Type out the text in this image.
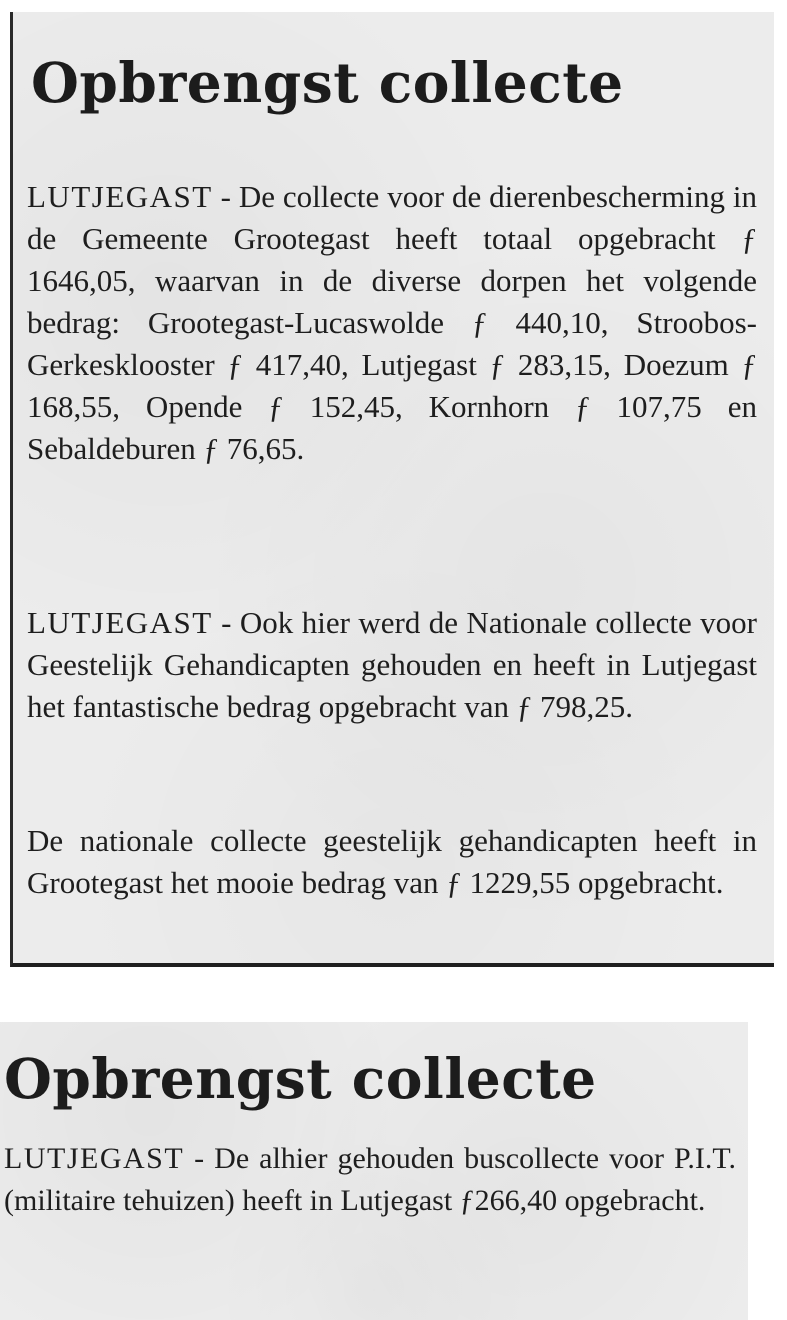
Opbrengst collecte

LUTJEGAST - De collecte voor de dierenbescherming in de Gemeente Grootegast heeft totaal opgebracht ƒ 1646,05, waarvan in de diverse dorpen het volgende bedrag: Grootegast-Lucaswolde ƒ 440,10, Stroobos-Gerkesklooster ƒ 417,40, Lutjegast ƒ 283,15, Doezum ƒ 168,55, Opende ƒ 152,45, Kornhorn ƒ 107,75 en Sebaldeburen ƒ 76,65.

LUTJEGAST - Ook hier werd de Nationale collecte voor Geestelijk Gehandicapten gehouden en heeft in Lutjegast het fantastische bedrag opgebracht van ƒ 798,25.

De nationale collecte geestelijk gehandicapten heeft in Grootegast het mooie bedrag van ƒ 1229,55 opgebracht.

Opbrengst collecte

LUTJEGAST - De alhier gehouden buscollecte voor P.I.T. (militaire tehuizen) heeft in Lutjegast ƒ266,40 opgebracht.
